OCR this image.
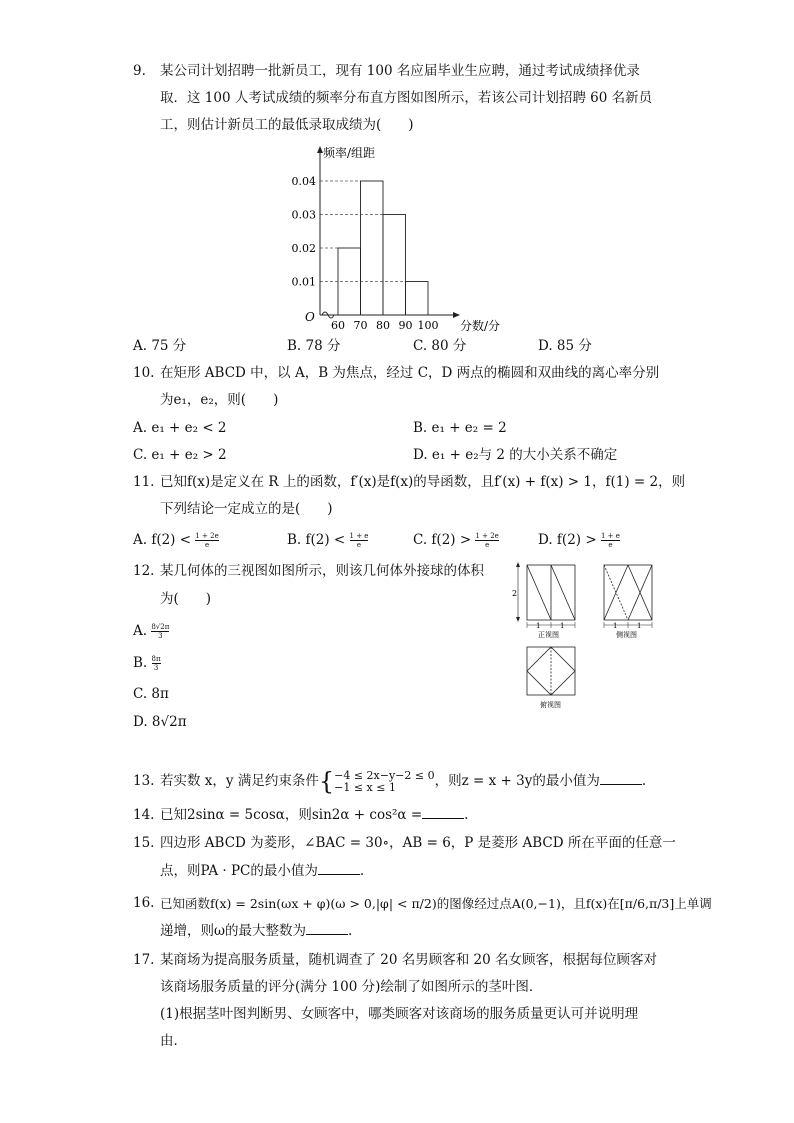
9. 某公司计划招聘一批新员工，现有 100 名应届毕业生应聘，通过考试成绩择优录
取．这 100 人考试成绩的频率分布直方图如图所示，若该公司计划招聘 60 名新员
工，则估计新员工的最低录取成绩为(　　)
0.01
0.02
0.03
0.04
60 70 80 90 100
O
频率/组距
分数/分
A. 75 分	B. 78 分	C. 80 分	D. 85 分
10. 在矩形 ABCD 中，以 A，B 为焦点，经过 C，D 两点的椭圆和双曲线的离心率分别
为e₁，e₂，则(　　)
A. e₁ + e₂ < 2	B. e₁ + e₂ = 2
C. e₁ + e₂ > 2	D. e₁ + e₂与 2 的大小关系不确定
11. 已知f(x)是定义在 R 上的函数，f′(x)是f(x)的导函数，且f′(x) + f(x) > 1，f(1) = 2，则
下列结论一定成立的是(　　)
A. $f(2) < \frac{1 + 2e}{e}$	B. $f(2) < \frac{1 + e}{e}$	C. $f(2) > \frac{1 + 2e}{e}$	D. $f(2) > \frac{1 + e}{e}$
12. 某几何体的三视图如图所示，则该几何体外接球的体积
为(　　)
A. $\frac{8√2\pi}{3}$
B. $\frac{8\pi}{3}$
C. 8π
D. 8√2π
2
1	1
正视图
1	1
侧视图
俯视图
13. 若实数 x，y 满足约束条件{ −4 ≤ 2x−y−2 ≤ 0
−1 ≤ x ≤ 1	，则z = x + 3y的最小值为	.
14. 已知2sinα = 5cosα，则sin2α + cos²α =	.
15. 四边形 ABCD 为菱形，∠BAC = 30∘，AB = 6，P 是菱形 ABCD 所在平面的任意一
点，则PA · PC的最小值为	.
16. 已知函数f(x) = 2sin(ωx + φ)(ω > 0,|φ| < π/2)的图像经过点A(0,−1)，且f(x)在[π/6,π/3]上单调
递增，则ω的最大整数为	.
17. 某商场为提高服务质量，随机调查了 20 名男顾客和 20 名女顾客，根据每位顾客对
该商场服务质量的评分(满分 100 分)绘制了如图所示的茎叶图．
(1)根据茎叶图判断男、女顾客中，哪类顾客对该商场的服务质量更认可并说明理
由．
